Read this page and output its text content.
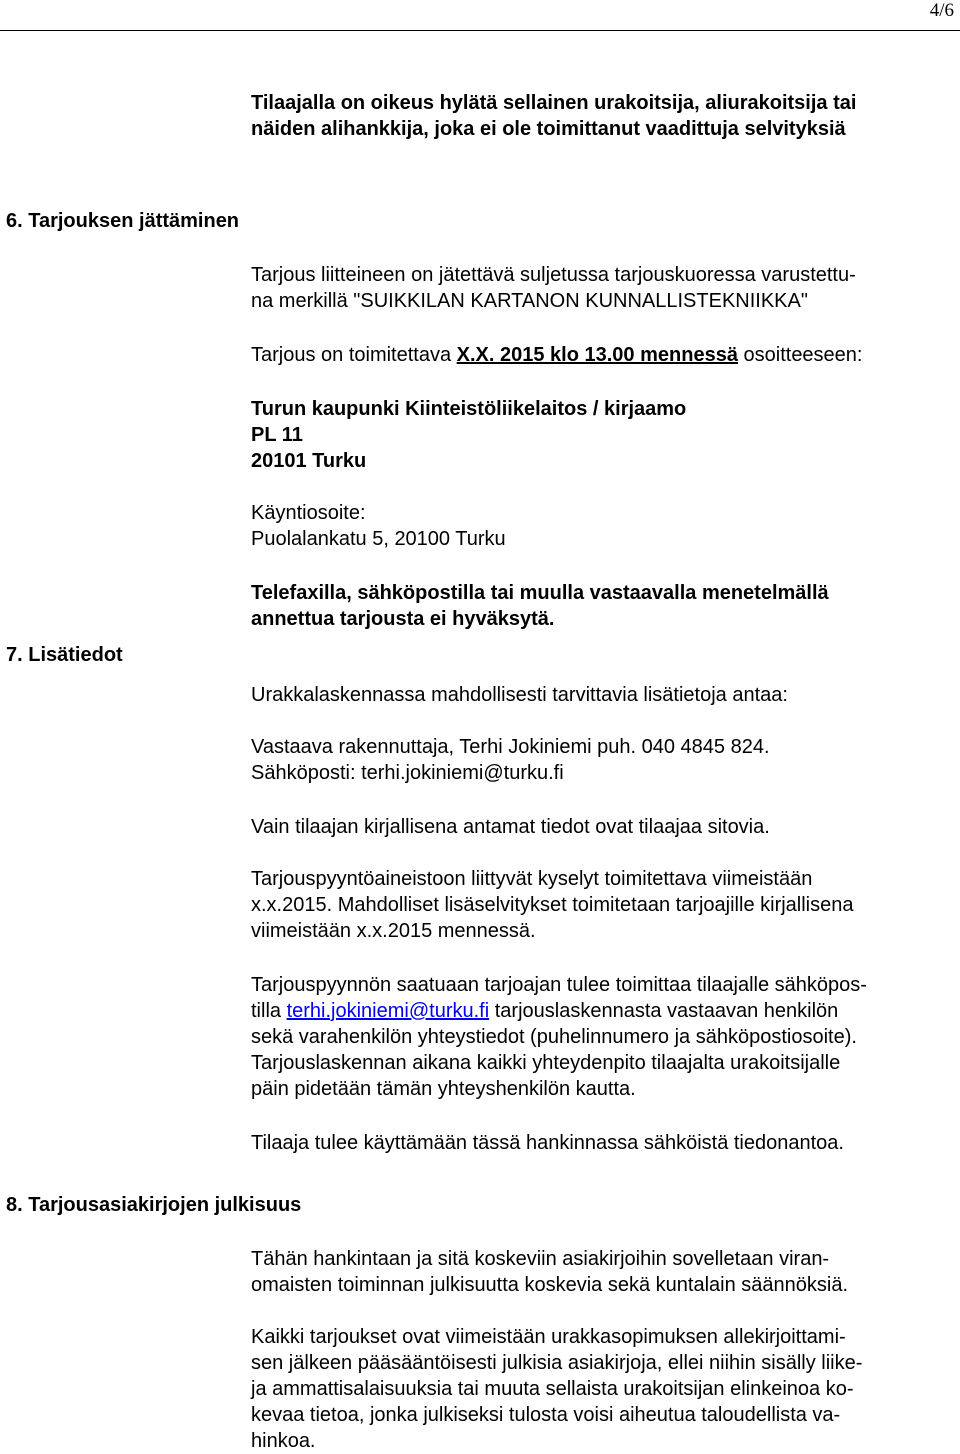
4/6
Tilaajalla on oikeus hylätä sellainen urakoitsija, aliurakoitsija tai
näiden alihankkija, joka ei ole toimittanut vaadittuja selvityksiä
6. Tarjouksen jättäminen
Tarjous liitteineen on jätettävä suljetussa tarjouskuoressa varustettu-
na merkillä "SUIKKILAN KARTANON KUNNALLISTEKNIIKKA"
Tarjous on toimitettava X.X. 2015 klo 13.00 mennessä osoitteeseen:
Turun kaupunki Kiinteistöliikelaitos / kirjaamo
PL 11
20101 Turku
Käyntiosoite:
Puolalankatu 5, 20100 Turku
Telefaxilla, sähköpostilla tai muulla vastaavalla menetelmällä
annettua tarjousta ei hyväksytä.
7. Lisätiedot
Urakkalaskennassa mahdollisesti tarvittavia lisätietoja antaa:
Vastaava rakennuttaja, Terhi Jokiniemi puh. 040 4845 824.
Sähköposti: terhi.jokiniemi@turku.fi
Vain tilaajan kirjallisena antamat tiedot ovat tilaajaa sitovia.
Tarjouspyyntöaineistoon liittyvät kyselyt toimitettava viimeistään
x.x.2015. Mahdolliset lisäselvitykset toimitetaan tarjoajille kirjallisena
viimeistään x.x.2015 mennessä.
Tarjouspyynnön saatuaan tarjoajan tulee toimittaa tilaajalle sähköpos-
tilla terhi.jokiniemi@turku.fi tarjouslaskennasta vastaavan henkilön
sekä varahenkilön yhteystiedot (puhelinnumero ja sähköpostiosoite).
Tarjouslaskennan aikana kaikki yhteydenpito tilaajalta urakoitsijalle
päin pidetään tämän yhteyshenkilön kautta.
Tilaaja tulee käyttämään tässä hankinnassa sähköistä tiedonantoa.
8. Tarjousasiakirjojen julkisuus
Tähän hankintaan ja sitä koskeviin asiakirjoihin sovelletaan viran-
omaisten toiminnan julkisuutta koskevia sekä kuntalain säännöksiä.
Kaikki tarjoukset ovat viimeistään urakkasopimuksen allekirjoittami-
sen jälkeen pääsääntöisesti julkisia asiakirjoja, ellei niihin sisälly liike-
ja ammattisalaisuuksia tai muuta sellaista urakoitsijan elinkeinoa ko-
kevaa tietoa, jonka julkiseksi tulosta voisi aiheutua taloudellista va-
hinkoa.
